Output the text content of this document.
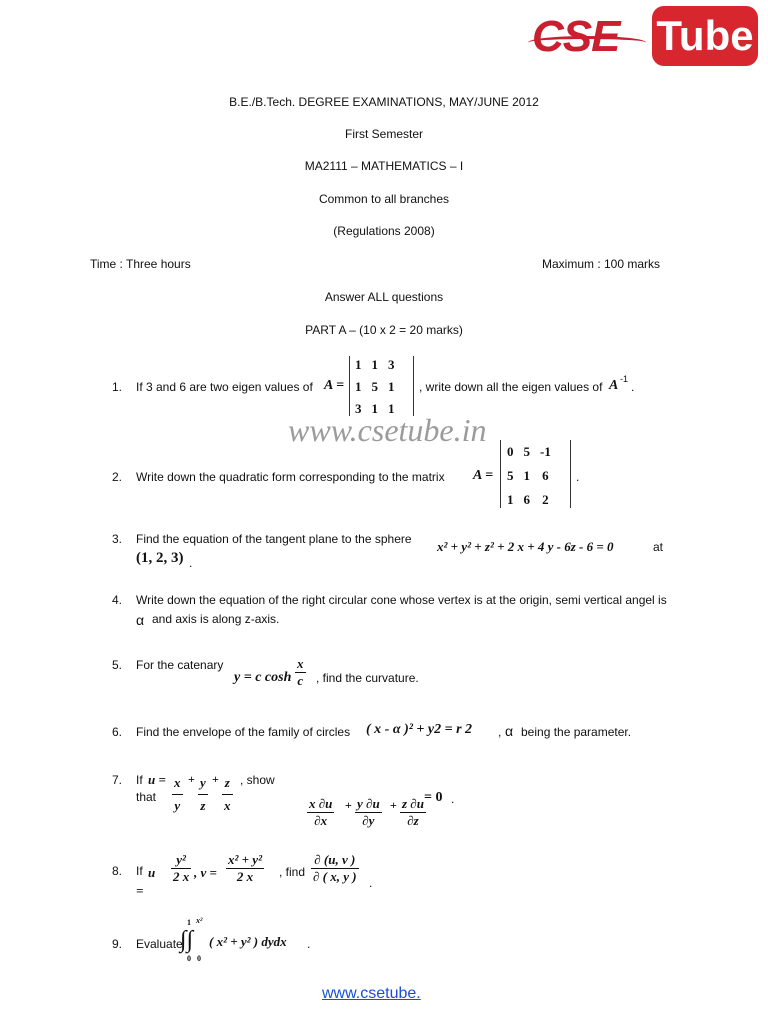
CSE Tube
B.E./B.Tech. DEGREE EXAMINATIONS, MAY/JUNE 2012
First Semester
MA2111 – MATHEMATICS – I
Common to all branches
(Regulations 2008)
Time : Three hours	Maximum : 100 marks
Answer ALL questions
PART A – (10 x 2 = 20 marks)
1. If 3 and 6 are two eigen values of A =
1	1	3
1	5	1
3	1	1
, write down all the eigen values of A -1
.
www.csetube.in
2. Write down the quadratic form corresponding to the matrix A =
0	5	-1
5	1	6
1	6	2
.
3. Find the equation of the tangent plane to the sphere x² + y² + z² + 2 x + 4 y - 6z - 6 = 0	at
(1, 2, 3) .
4. Write down the equation of the right circular cone whose vertex is at the origin, semi vertical angel is
α and axis is along z-axis.
5. For the catenary
y = c $\cosh \frac{x}{c}$ , find the curvature.
6. Find the envelope of the family of circles ( x - α )² + y2 = r 2 , α being the parameter.
7. If
that
$u = \frac{x}{y} + \frac{y}{z} + \frac{z}{x}$ , show
$\frac{x \partial u}{\partial x} + \frac{y \partial u}{\partial y} + \frac{z \partial u}{\partial z}$
= 0 .
8. If u
=
$\frac{\text{y²}}{2 x}$ , $v = \frac{\text{x² + y²}}{2 x}$ , find $\frac{\partial (u, v )}{\partial ( x, y )}$ .
9. Evaluate
1 x²
∫∫
0 0
( x² + y² ) dydx .
www.csetube.
